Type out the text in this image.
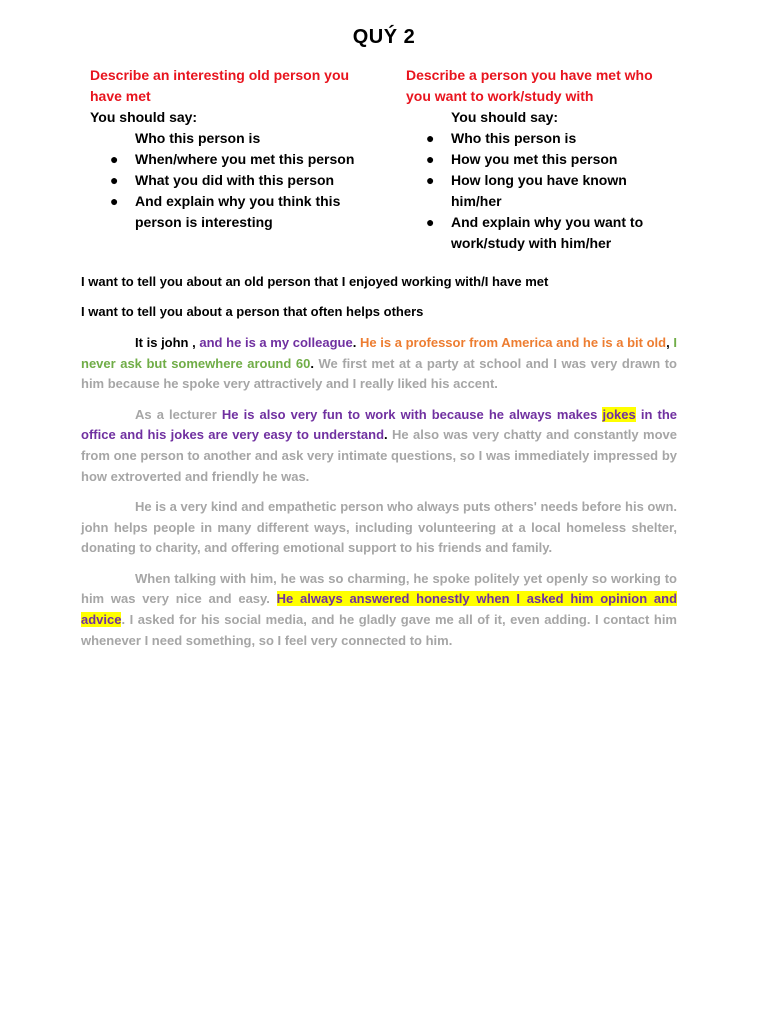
QUÝ 2
Describe an interesting old person you have met
You should say:
Who this person is
● When/where you met this person
● What you did with this person
● And explain why you think this person is interesting
Describe a person you have met who you want to work/study with
You should say:
● Who this person is
● How you met this person
● How long you have known him/her
● And explain why you want to work/study with him/her
I want to tell you about an old person that I enjoyed working with/I have met
I want to tell you about a person that often helps others

It is john , and he is a my colleague. He is a professor from America and he is a bit old, I never ask but somewhere around 60. We first met at a party at school and I was very drawn to him because he spoke very attractively and I really liked his accent.

As a lecturer He is also very fun to work with because he always makes jokes in the office and his jokes are very easy to understand. He also was very chatty and constantly move from one person to another and ask very intimate questions, so I was immediately impressed by how extroverted and friendly he was.

He is a very kind and empathetic person who always puts others' needs before his own. john helps people in many different ways, including volunteering at a local homeless shelter, donating to charity, and offering emotional support to his friends and family.

When talking with him, he was so charming, he spoke politely yet openly so working to him was very nice and easy. He always answered honestly when I asked him opinion and advice. I asked for his social media, and he gladly gave me all of it, even adding. I contact him whenever I need something, so I feel very connected to him.
